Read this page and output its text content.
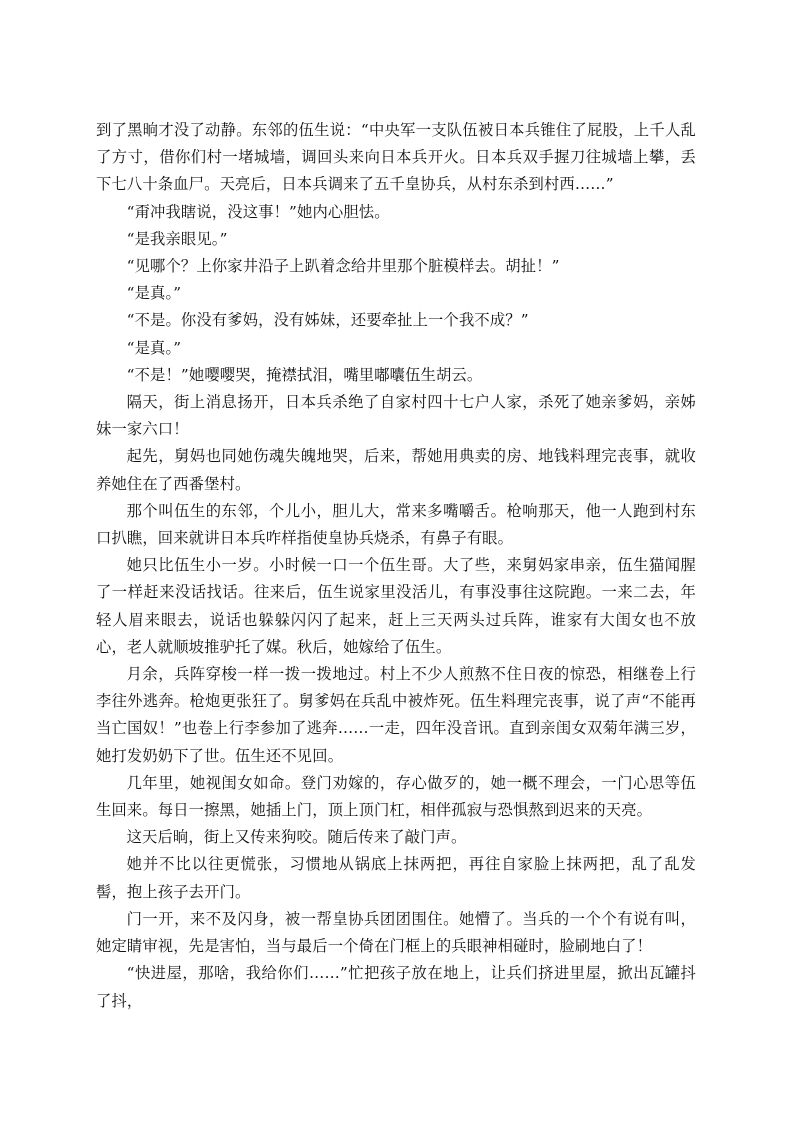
到了黑晌才没了动静。东邻的伍生说：“中央军一支队伍被日本兵锥住了屁股，上千人乱了方寸，借你们村一堵城墙，调回头来向日本兵开火。日本兵双手握刀往城墙上攀，丢下七八十条血尸。天亮后，日本兵调来了五千皇协兵，从村东杀到村西……”

“甭冲我瞎说，没这事！”她内心胆怯。

“是我亲眼见。”

“见哪个？上你家井沿子上趴着念给井里那个脏模样去。胡扯！”

“是真。”

“不是。你没有爹妈，没有姊妹，还要牵扯上一个我不成？”

“是真。”

“不是！”她嘤嘤哭，掩襟拭泪，嘴里嘟囔伍生胡云。

隔天，街上消息扬开，日本兵杀绝了自家村四十七户人家，杀死了她亲爹妈，亲姊妹一家六口！

起先，舅妈也同她伤魂失魄地哭，后来，帮她用典卖的房、地钱料理完丧事，就收养她住在了西番堡村。

那个叫伍生的东邻，个儿小，胆儿大，常来多嘴嚼舌。枪响那天，他一人跑到村东口扒瞧，回来就讲日本兵咋样指使皇协兵烧杀，有鼻子有眼。

她只比伍生小一岁。小时候一口一个伍生哥。大了些，来舅妈家串亲，伍生猫闻腥了一样赶来没话找话。往来后，伍生说家里没活儿，有事没事往这院跑。一来二去，年轻人眉来眼去，说话也躲躲闪闪了起来，赶上三天两头过兵阵，谁家有大闺女也不放心，老人就顺坡推驴托了媒。秋后，她嫁给了伍生。

月余，兵阵穿梭一样一拨一拨地过。村上不少人煎熬不住日夜的惊恐，相继卷上行李往外逃奔。枪炮更张狂了。舅爹妈在兵乱中被炸死。伍生料理完丧事，说了声“不能再当亡国奴！”也卷上行李参加了逃奔……一走，四年没音讯。直到亲闺女双菊年满三岁，她打发奶奶下了世。伍生还不见回。

几年里，她视闺女如命。登门劝嫁的，存心做歹的，她一概不理会，一门心思等伍生回来。每日一擦黑，她插上门，顶上顶门杠，相伴孤寂与恐惧熬到迟来的天亮。

这天后晌，街上又传来狗咬。随后传来了敲门声。

她并不比以往更慌张，习惯地从锅底上抹两把，再往自家脸上抹两把，乱了乱发髻，抱上孩子去开门。

门一开，来不及闪身，被一帮皇协兵团团围住。她懵了。当兵的一个个有说有叫，她定睛审视，先是害怕，当与最后一个倚在门框上的兵眼神相碰时，脸刷地白了！

“快进屋，那啥，我给你们……”忙把孩子放在地上，让兵们挤进里屋，掀出瓦罐抖了抖，
